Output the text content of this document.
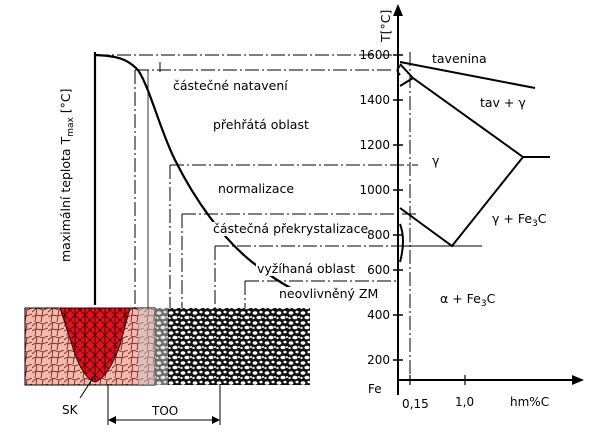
maximální teplota $T_{max}$ [°C]
částečné natavení
přehřátá oblast
normalizace
částečná překrystalizace
vyžíhaná oblast
neovlivněný ZM
T[°C]
1600
1400
1200
1000
800
600
400
200
Fe
0,15 1,0	hm%C
tavenina
tav + γ
γ
$\gamma + Fe_3C$
$\alpha + Fe_3C$
SK	TOO
